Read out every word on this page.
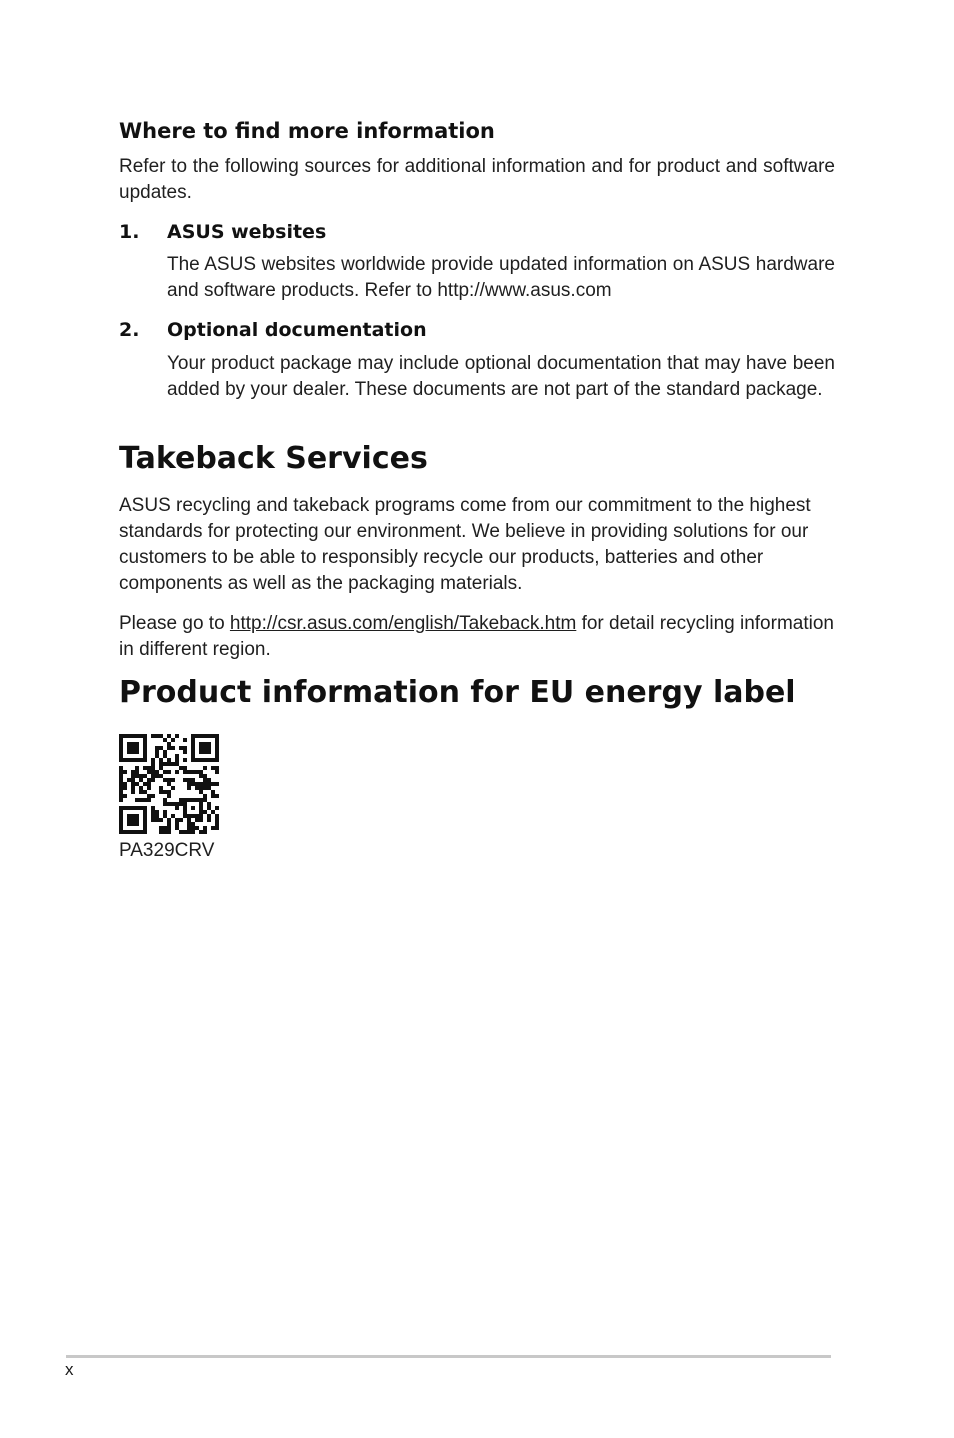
Where to find more information

Refer to the following sources for additional information and for product and software updates.

1. ASUS websites

The ASUS websites worldwide provide updated information on ASUS hardware and software products. Refer to http://www.asus.com

2. Optional documentation

Your product package may include optional documentation that may have been added by your dealer. These documents are not part of the standard package.

Takeback Services

ASUS recycling and takeback programs come from our commitment to the highest standards for protecting our environment. We believe in providing solutions for our customers to be able to responsibly recycle our products, batteries and other components as well as the packaging materials.

Please go to http://csr.asus.com/english/Takeback.htm for detail recycling information in different region.

Product information for EU energy label

PA329CRV

x
